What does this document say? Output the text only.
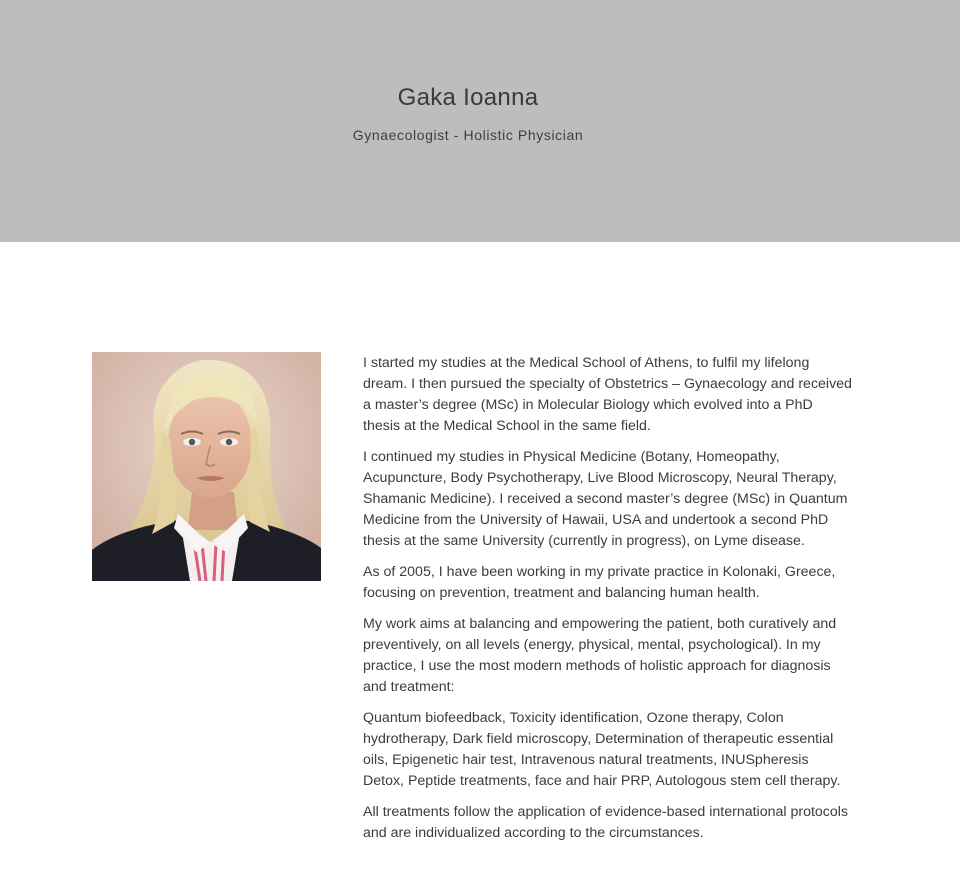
Gaka Ioanna

Gynaecologist - Holistic Physician

I started my studies at the Medical School of Athens, to fulfil my lifelong dream. I then pursued the specialty of Obstetrics – Gynaecology and received a master’s degree (MSc) in Molecular Biology which evolved into a PhD thesis at the Medical School in the same field.

I continued my studies in Physical Medicine (Botany, Homeopathy, Acupuncture, Body Psychotherapy, Live Blood Microscopy, Neural Therapy, Shamanic Medicine). I received a second master’s degree (MSc) in Quantum Medicine from the University of Hawaii, USA and undertook a second PhD thesis at the same University (currently in progress), on Lyme disease.

As of 2005, I have been working in my private practice in Kolonaki, Greece, focusing on prevention, treatment and balancing human health.

My work aims at balancing and empowering the patient, both curatively and preventively, on all levels (energy, physical, mental, psychological). In my practice, I use the most modern methods of holistic approach for diagnosis and treatment:

Quantum biofeedback, Toxicity identification, Ozone therapy, Colon hydrotherapy, Dark field microscopy, Determination of therapeutic essential oils, Epigenetic hair test, Intravenous natural treatments, INUSpheresis Detox, Peptide treatments, face and hair PRP, Autologous stem cell therapy.

All treatments follow the application of evidence-based international protocols and are individualized according to the circumstances.
